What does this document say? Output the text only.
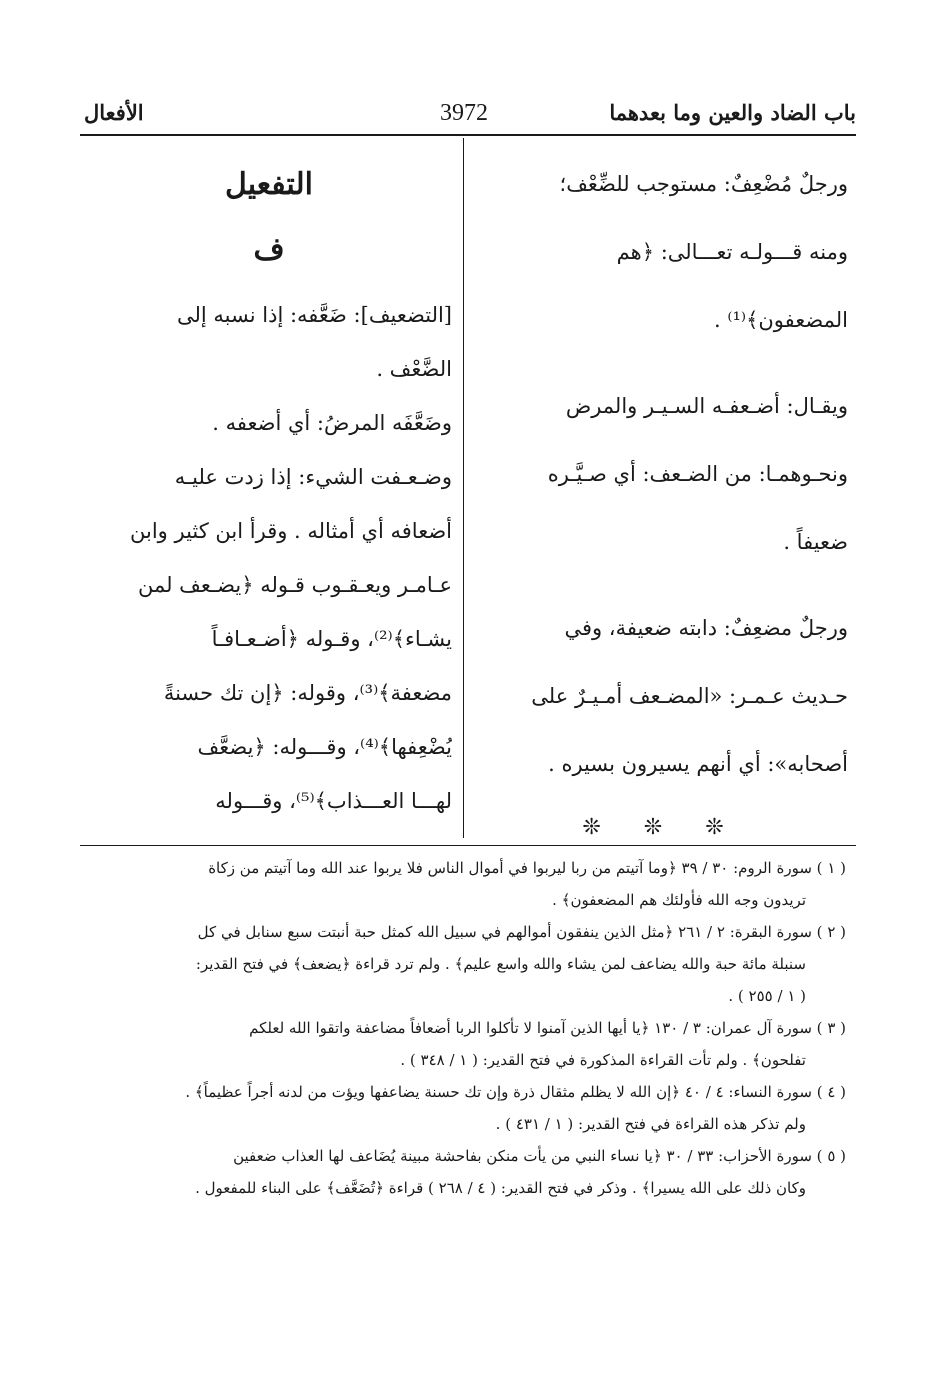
باب الضاد والعين وما بعدهما
3972
الأفعال
ورجلٌ مُضْعِفٌ: مستوجب للضِّعْف؛
ومنه قـــولـه تعـــالى: ﴿هم
المضعفون﴾⁽¹⁾ .
ويقـال: أضـعفـه السـيـر والمرض
ونحـوهمـا: من الضـعف: أي صـيَّـره
ضعيفاً .
ورجلٌ مضعِفٌ: دابته ضعيفة، وفي
حـديث عـمـر: «المضـعف أمـيـرٌ على
أصحابه»: أي أنهم يسيرون بسيره .
❊ ❊ ❊
التفعيل
ف
[التضعيف]: ضَعَّفه: إذا نسبه إلى
الضَّعْف .
وضَعَّفَه المرضُ: أي أضعفه .
وضـعـفت الشيء: إذا زدت عليـه
أضعافه أي أمثاله . وقرأ ابن كثير وابن
عـامـر ويعـقـوب قـوله ﴿يضـعف لمن
يشـاء﴾⁽²⁾، وقـوله ﴿أضـعـافـاً
مضعفة﴾⁽³⁾، وقوله: ﴿إن تك حسنةً
يُضْعِفها﴾⁽⁴⁾، وقـــوله: ﴿يضعَّف
لهـــا العـــذاب﴾⁽⁵⁾، وقـــوله
( ١ ) سورة الروم: ٣٠ / ٣٩ ﴿وما آتيتم من ربا ليربوا في أموال الناس فلا يربوا عند الله وما آتيتم من زكاة
تريدون وجه الله فأولئك هم المضعفون﴾ .
( ٢ ) سورة البقرة: ٢ / ٢٦١ ﴿مثل الذين ينفقون أموالهم في سبيل الله كمثل حبة أنبتت سبع سنابل في كل
سنبلة مائة حبة والله يضاعف لمن يشاء والله واسع عليم﴾ . ولم ترد قراءة ﴿يضعف﴾ في فتح القدير:
( ١ / ٢٥٥ ) .
( ٣ ) سورة آل عمران: ٣ / ١٣٠ ﴿يا أيها الذين آمنوا لا تأكلوا الربا أضعافاً مضاعفة واتقوا الله لعلكم
تفلحون﴾ . ولم تأت القراءة المذكورة في فتح القدير: ( ١ / ٣٤٨ ) .
( ٤ ) سورة النساء: ٤ / ٤٠ ﴿إن الله لا يظلم مثقال ذرة وإن تك حسنة يضاعفها ويؤت من لدنه أجراً عظيماً﴾ .
ولم تذكر هذه القراءة في فتح القدير: ( ١ / ٤٣١ ) .
( ٥ ) سورة الأحزاب: ٣٣ / ٣٠ ﴿يا نساء النبي من يأت منكن بفاحشة مبينة يُضَاعف لها العذاب ضعفين
وكان ذلك على الله يسيرا﴾ . وذكر في فتح القدير: ( ٤ / ٢٦٨ ) قراءة ﴿تُضَعَّف﴾ على البناء للمفعول .
